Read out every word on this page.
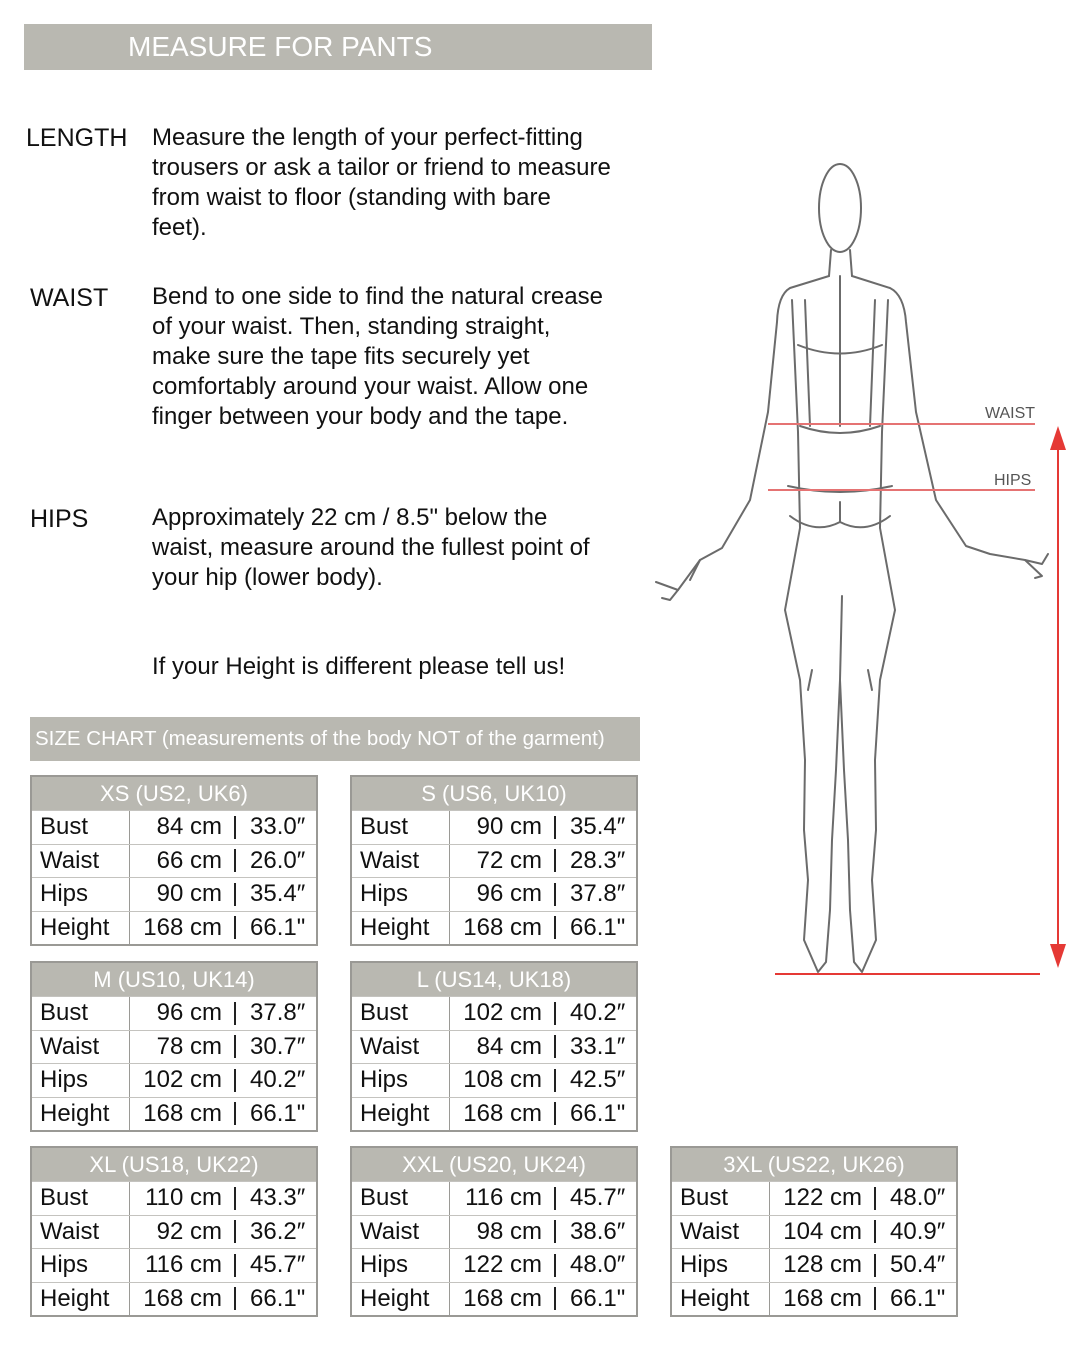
MEASURE FOR PANTS
LENGTH Measure the length of your perfect-fitting
trousers or ask a tailor or friend to measure
from waist to floor (standing with bare
feet).
WAIST Bend to one side to find the natural crease
of your waist. Then, standing straight,
make sure the tape fits securely yet
comfortably around your waist. Allow one
finger between your body and the tape.
HIPS	Approximately 22 cm / 8.5" below the
waist, measure around the fullest point of
your hip (lower body).
If your Height is different please tell us!
SIZE CHART (measurements of the body NOT of the garment)
XS (US2, UK6)
Bust	84 cm	33.0″
Waist	66 cm	26.0″
Hips	90 cm	35.4″
Height	168 cm	66.1"
S (US6, UK10)
Bust	90 cm	35.4″
Waist	72 cm	28.3″
Hips	96 cm	37.8″
Height	168 cm	66.1"
M (US10, UK14)
Bust	96 cm	37.8″
Waist	78 cm	30.7″
Hips	102 cm	40.2″
Height	168 cm	66.1"
L (US14, UK18)
Bust	102 cm	40.2″
Waist	84 cm	33.1″
Hips	108 cm	42.5″
Height	168 cm	66.1"
XL (US18, UK22)
Bust	110 cm	43.3″
Waist	92 cm	36.2″
Hips	116 cm	45.7″
Height	168 cm	66.1"
XXL (US20, UK24)
Bust	116 cm	45.7″
Waist	98 cm	38.6″
Hips	122 cm	48.0″
Height	168 cm	66.1"
3XL (US22, UK26)
Bust	122 cm	48.0″
Waist	104 cm	40.9″
Hips	128 cm	50.4″
Height	168 cm	66.1"
WAIST
HIPS
